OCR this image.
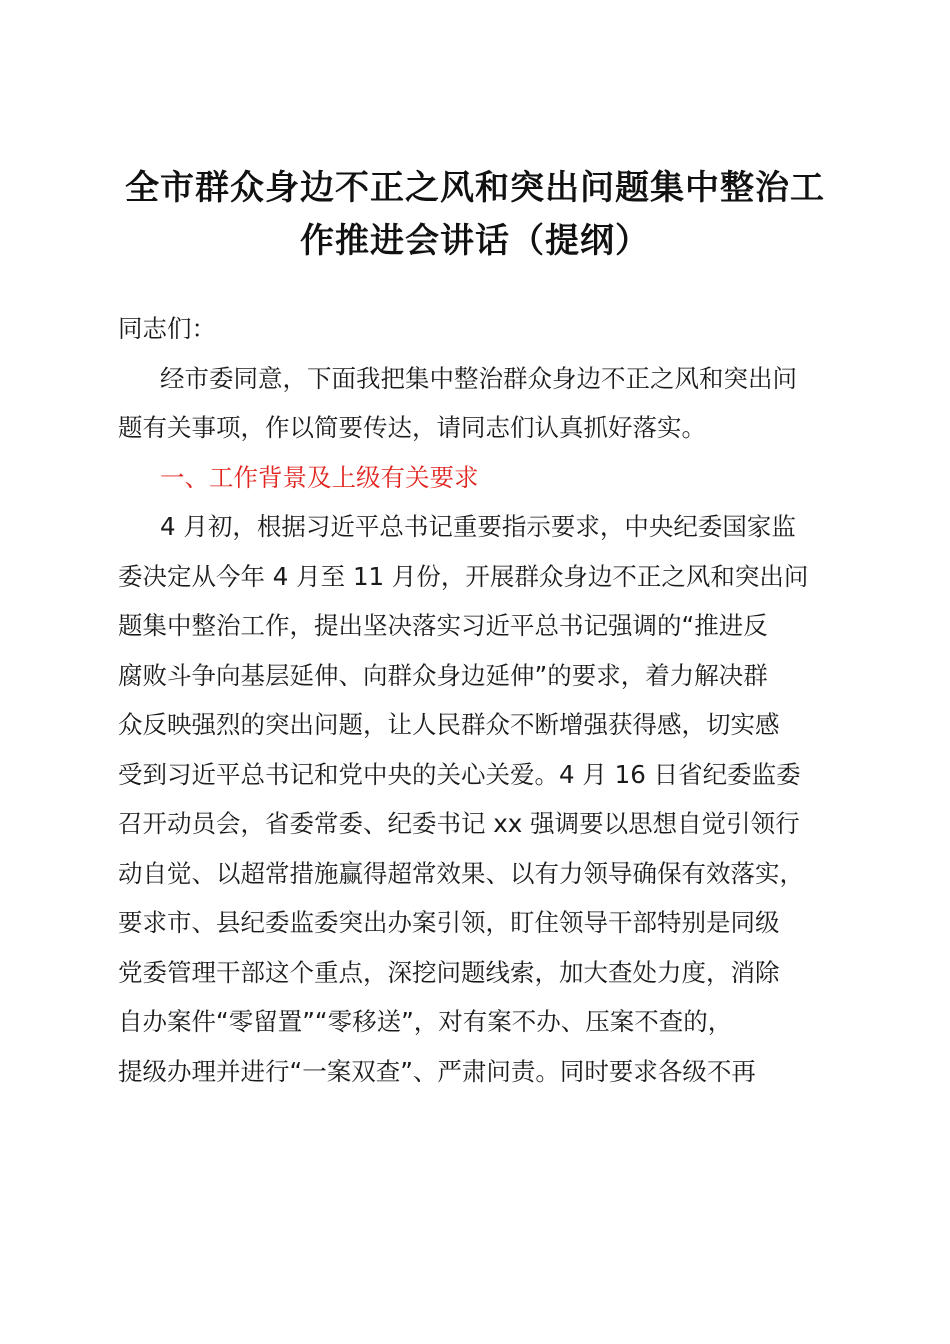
全市群众身边不正之风和突出问题集中整治工
作推进会讲话（提纲）
同志们：
经市委同意，下面我把集中整治群众身边不正之风和突出问
题有关事项，作以简要传达，请同志们认真抓好落实。
一、工作背景及上级有关要求
4 月初，根据习近平总书记重要指示要求，中央纪委国家监
委决定从今年 4 月至 11 月份，开展群众身边不正之风和突出问
题集中整治工作，提出坚决落实习近平总书记强调的“推进反
腐败斗争向基层延伸、向群众身边延伸”的要求，着力解决群
众反映强烈的突出问题，让人民群众不断增强获得感，切实感
受到习近平总书记和党中央的关心关爱。4 月 16 日省纪委监委
召开动员会，省委常委、纪委书记 xx 强调要以思想自觉引领行
动自觉、以超常措施赢得超常效果、以有力领导确保有效落实，
要求市、县纪委监委突出办案引领，盯住领导干部特别是同级
党委管理干部这个重点，深挖问题线索，加大查处力度，消除
自办案件“零留置”“零移送”，对有案不办、压案不查的，
提级办理并进行“一案双查”、严肃问责。同时要求各级不再
